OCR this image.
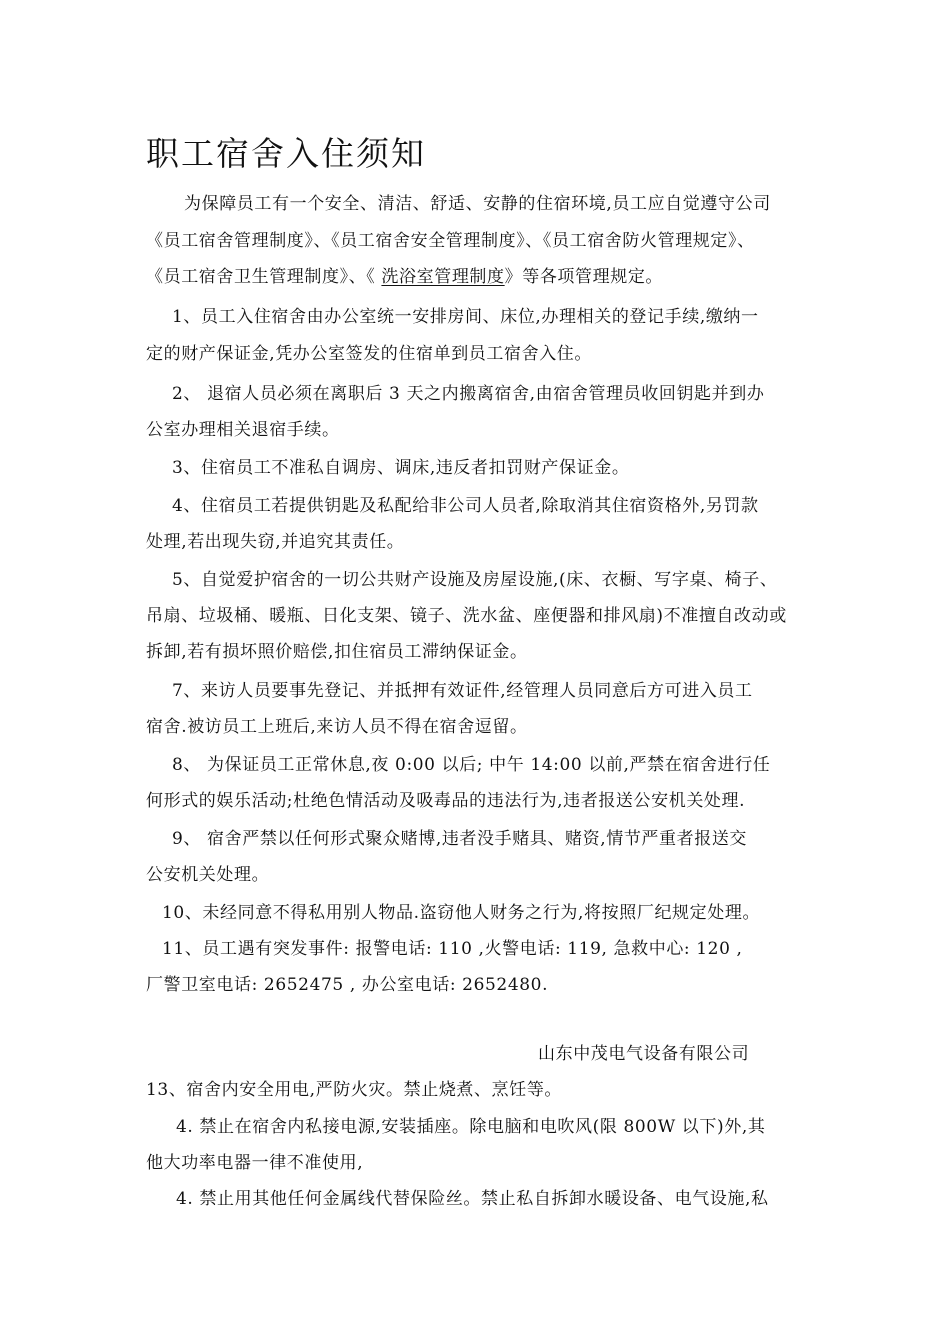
职工宿舍入住须知
为保障员工有一个安全、清洁、舒适、安静的住宿环境,员工应自觉遵守公司
《员工宿舍管理制度》、《员工宿舍安全管理制度》、《员工宿舍防火管理规定》、
《员工宿舍卫生管理制度》、《 洗浴室管理制度》等各项管理规定。
1、员工入住宿舍由办公室统一安排房间、床位,办理相关的登记手续,缴纳一
定的财产保证金,凭办公室签发的住宿单到员工宿舍入住。
2、 退宿人员必须在离职后 3 天之内搬离宿舍,由宿舍管理员收回钥匙并到办
公室办理相关退宿手续。
3、住宿员工不准私自调房、调床,违反者扣罚财产保证金。
4、住宿员工若提供钥匙及私配给非公司人员者,除取消其住宿资格外,另罚款
处理,若出现失窃,并追究其责任。
5、自觉爱护宿舍的一切公共财产设施及房屋设施,(床、衣橱、写字桌、椅子、
吊扇、垃圾桶、暖瓶、日化支架、镜子、洗水盆、座便器和排风扇)不准擅自改动或
拆卸,若有损坏照价赔偿,扣住宿员工滞纳保证金。
7、来访人员要事先登记、并抵押有效证件,经管理人员同意后方可进入员工
宿舍.被访员工上班后,来访人员不得在宿舍逗留。
8、 为保证员工正常休息,夜 0:00 以后; 中午 14:00 以前,严禁在宿舍进行任
何形式的娱乐活动;杜绝色情活动及吸毒品的违法行为,违者报送公安机关处理.
9、 宿舍严禁以任何形式聚众赌博,违者没手赌具、赌资,情节严重者报送交
公安机关处理。
10、未经同意不得私用别人物品.盗窃他人财务之行为,将按照厂纪规定处理。
11、员工遇有突发事件: 报警电话: 110 ,火警电话: 119, 急救中心: 120 ,
厂警卫室电话: 2652475 , 办公室电话: 2652480.
山东中茂电气设备有限公司
13、宿舍内安全用电,严防火灾。禁止烧煮、烹饪等。
4. 禁止在宿舍内私接电源,安装插座。除电脑和电吹风(限 800W 以下)外,其
他大功率电器一律不准使用,
4. 禁止用其他任何金属线代替保险丝。禁止私自拆卸水暖设备、电气设施,私
